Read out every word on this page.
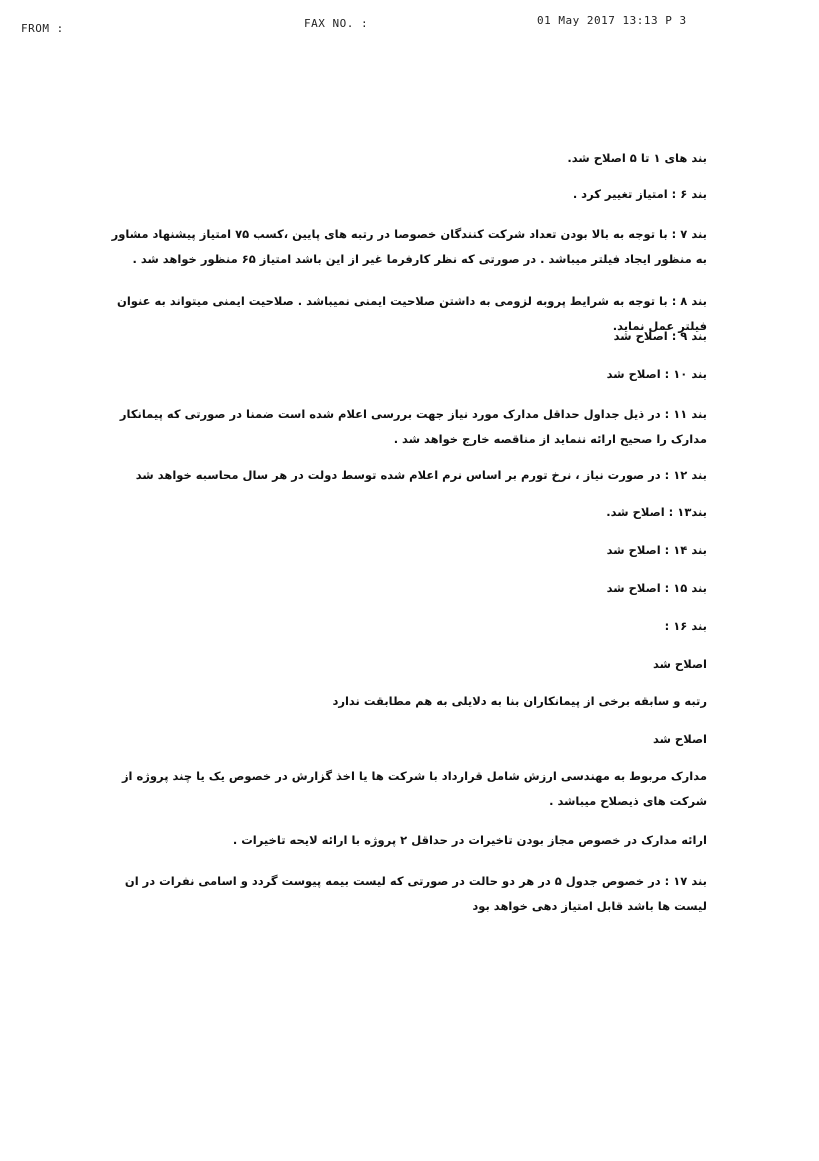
FROM :	FAX NO. :	01 May 2017 13:13 P 3
بند های ۱ تا ۵ اصلاح شد.
بند ۶ : امتیاز تغییر کرد .
بند ۷ : با توجه به بالا بودن تعداد شرکت کنندگان خصوصا در رتبه های پایین ،کسب ۷۵ امتیاز پیشنهاد مشاور به منظور ایجاد فیلتر میباشد . در صورتی که نظر کارفرما غیر از این باشد امتیاز ۶۵ منظور خواهد شد .
بند ۸ : با توجه به شرایط پروبه لزومی به داشتن صلاحیت ایمنی نمیباشد . صلاحیت ایمنی میتواند به عنوان فیلتر عمل نماید.
بند ۹ : اصلاح شد
بند ۱۰ : اصلاح شد
بند ۱۱ : در ذیل جداول حداقل مدارک مورد نیاز جهت بررسی اعلام شده است ضمنا در صورتی که پیمانکار مدارک را صحیح ارائه ننماید از مناقصه خارج خواهد شد .
بند ۱۲ : در صورت نیاز ، نرخ تورم بر اساس نرم اعلام شده توسط دولت در هر سال محاسبه خواهد شد
بند۱۳ : اصلاح شد.
بند ۱۴ : اصلاح شد
بند ۱۵ : اصلاح شد
بند ۱۶ :
اصلاح شد
رتبه و سابقه برخی از پیمانکاران بنا به دلایلی به هم مطابقت ندارد
اصلاح شد
مدارک مربوط به مهندسی ارزش شامل قرارداد با شرکت ها یا اخذ گزارش در خصوص یک یا چند پروژه از شرکت های ذیصلاح میباشد .
ارائه مدارک در خصوص مجاز بودن تاخیرات در حداقل ۲ پروژه با ارائه لایحه تاخیرات .
بند ۱۷ : در خصوص جدول ۵ در هر دو حالت در صورتی که لیست بیمه پیوست گردد و اسامی نفرات در ان لیست ها باشد قابل امتیاز دهی خواهد بود
